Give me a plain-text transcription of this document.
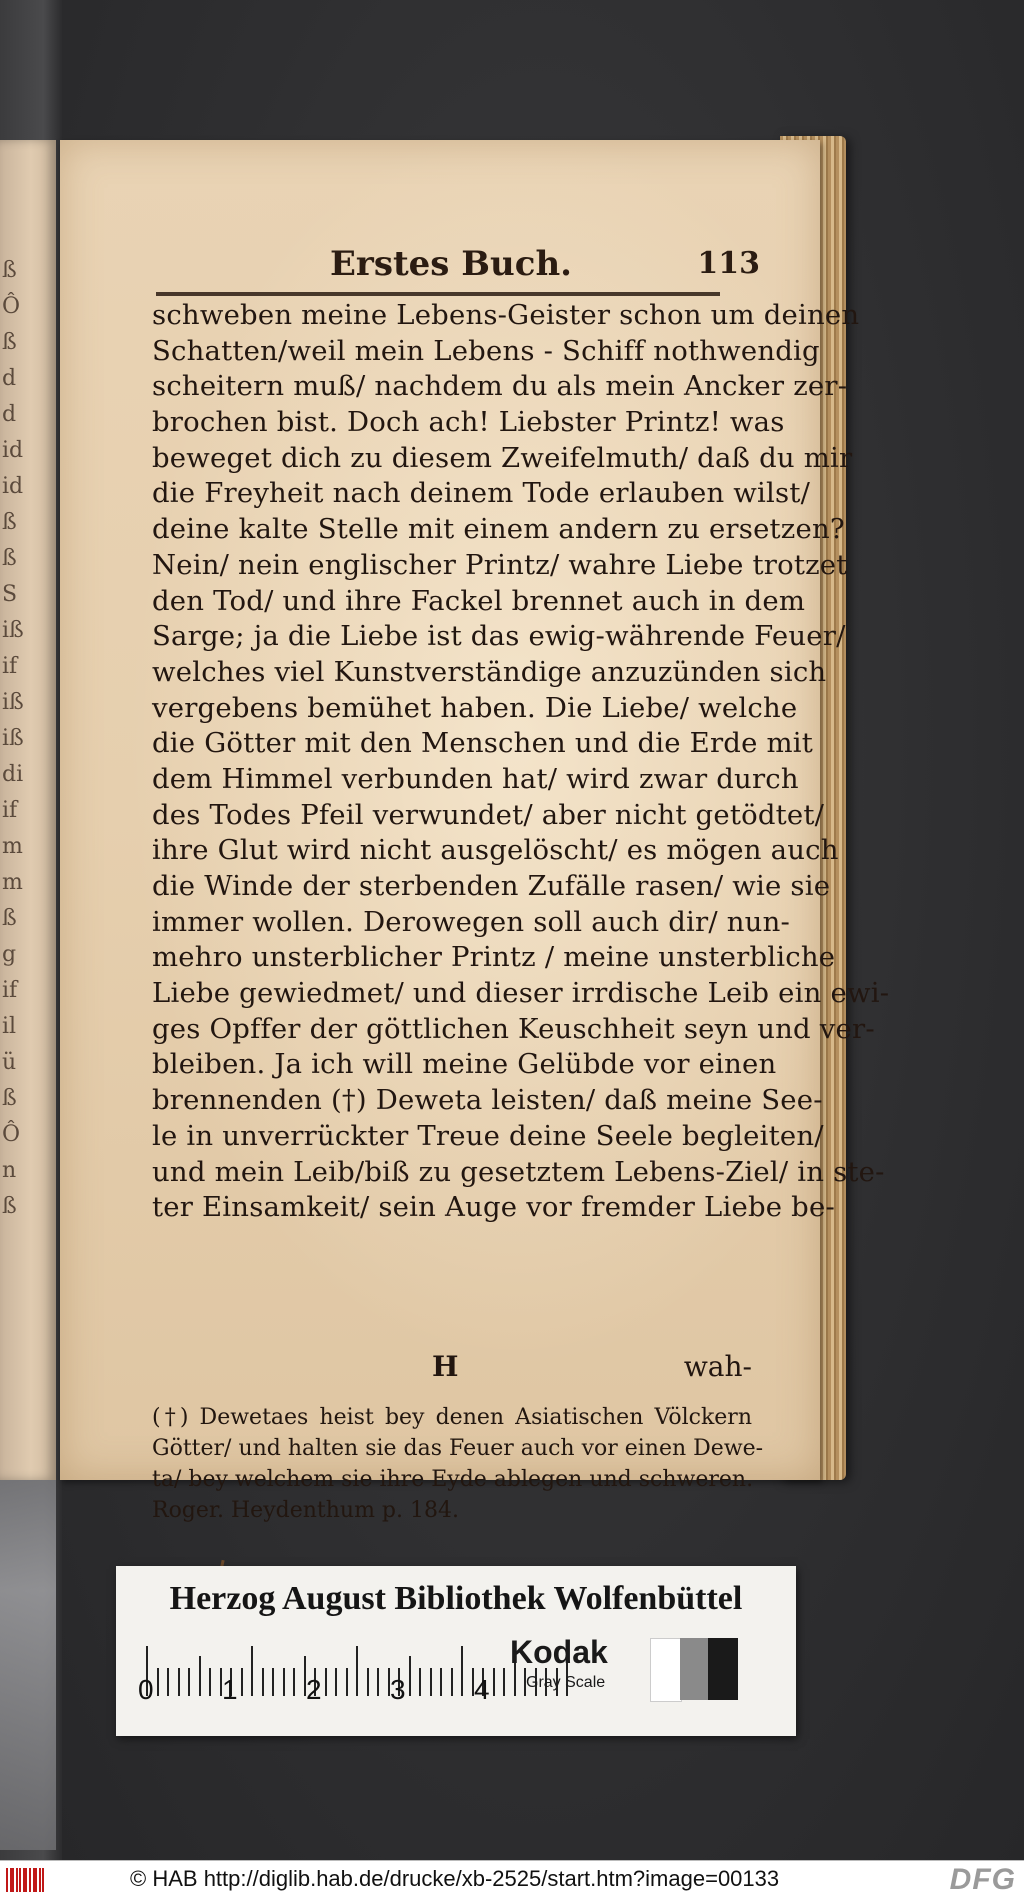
ß
Ô
ß
d
d
id
id
ß
ß
S
iß
if
iß
iß
di
if
m
m
ß
g
if
il
ü
ß
Ô
n
ß
Erstes Buch.	113
schweben meine Lebens-Geister schon um deinen
Schatten/weil mein Lebens - Schiff nothwendig
scheitern muß/ nachdem du als mein Ancker zer-
brochen bist. Doch ach! Liebster Printz! was
beweget dich zu diesem Zweifelmuth/ daß du mir
die Freyheit nach deinem Tode erlauben wilst/
deine kalte Stelle mit einem andern zu ersetzen?
Nein/ nein englischer Printz/ wahre Liebe trotzet
den Tod/ und ihre Fackel brennet auch in dem
Sarge; ja die Liebe ist das ewig-währende Feuer/
welches viel Kunstverständige anzuzünden sich
vergebens bemühet haben. Die Liebe/ welche
die Götter mit den Menschen und die Erde mit
dem Himmel verbunden hat/ wird zwar durch
des Todes Pfeil verwundet/ aber nicht getödtet/
ihre Glut wird nicht ausgelöscht/ es mögen auch
die Winde der sterbenden Zufälle rasen/ wie sie
immer wollen. Derowegen soll auch dir/ nun-
mehro unsterblicher Printz / meine unsterbliche
Liebe gewiedmet/ und dieser irrdische Leib ein ewi-
ges Opffer der göttlichen Keuschheit seyn und ver-
bleiben. Ja ich will meine Gelübde vor einen
brennenden (†) Deweta leisten/ daß meine See-
le in unverrückter Treue deine Seele begleiten/
und mein Leib/biß zu gesetztem Lebens-Ziel/ in ste-
ter Einsamkeit/ sein Auge vor fremder Liebe be-
H	wah-
(†) Dewetaes heist bey denen Asiatischen Völckern
Götter/ und halten sie das Feuer auch vor einen Dewe-
ta/ bey welchem sie ihre Eyde ablegen und schweren.
Roger. Heydenthum p. 184.
Herzog August Bibliothek Wolfenbüttel
0 1 2 3 4
Kodak
Gray Scale
© HAB http://diglib.hab.de/drucke/xb-2525/start.htm?image=00133	DFG
